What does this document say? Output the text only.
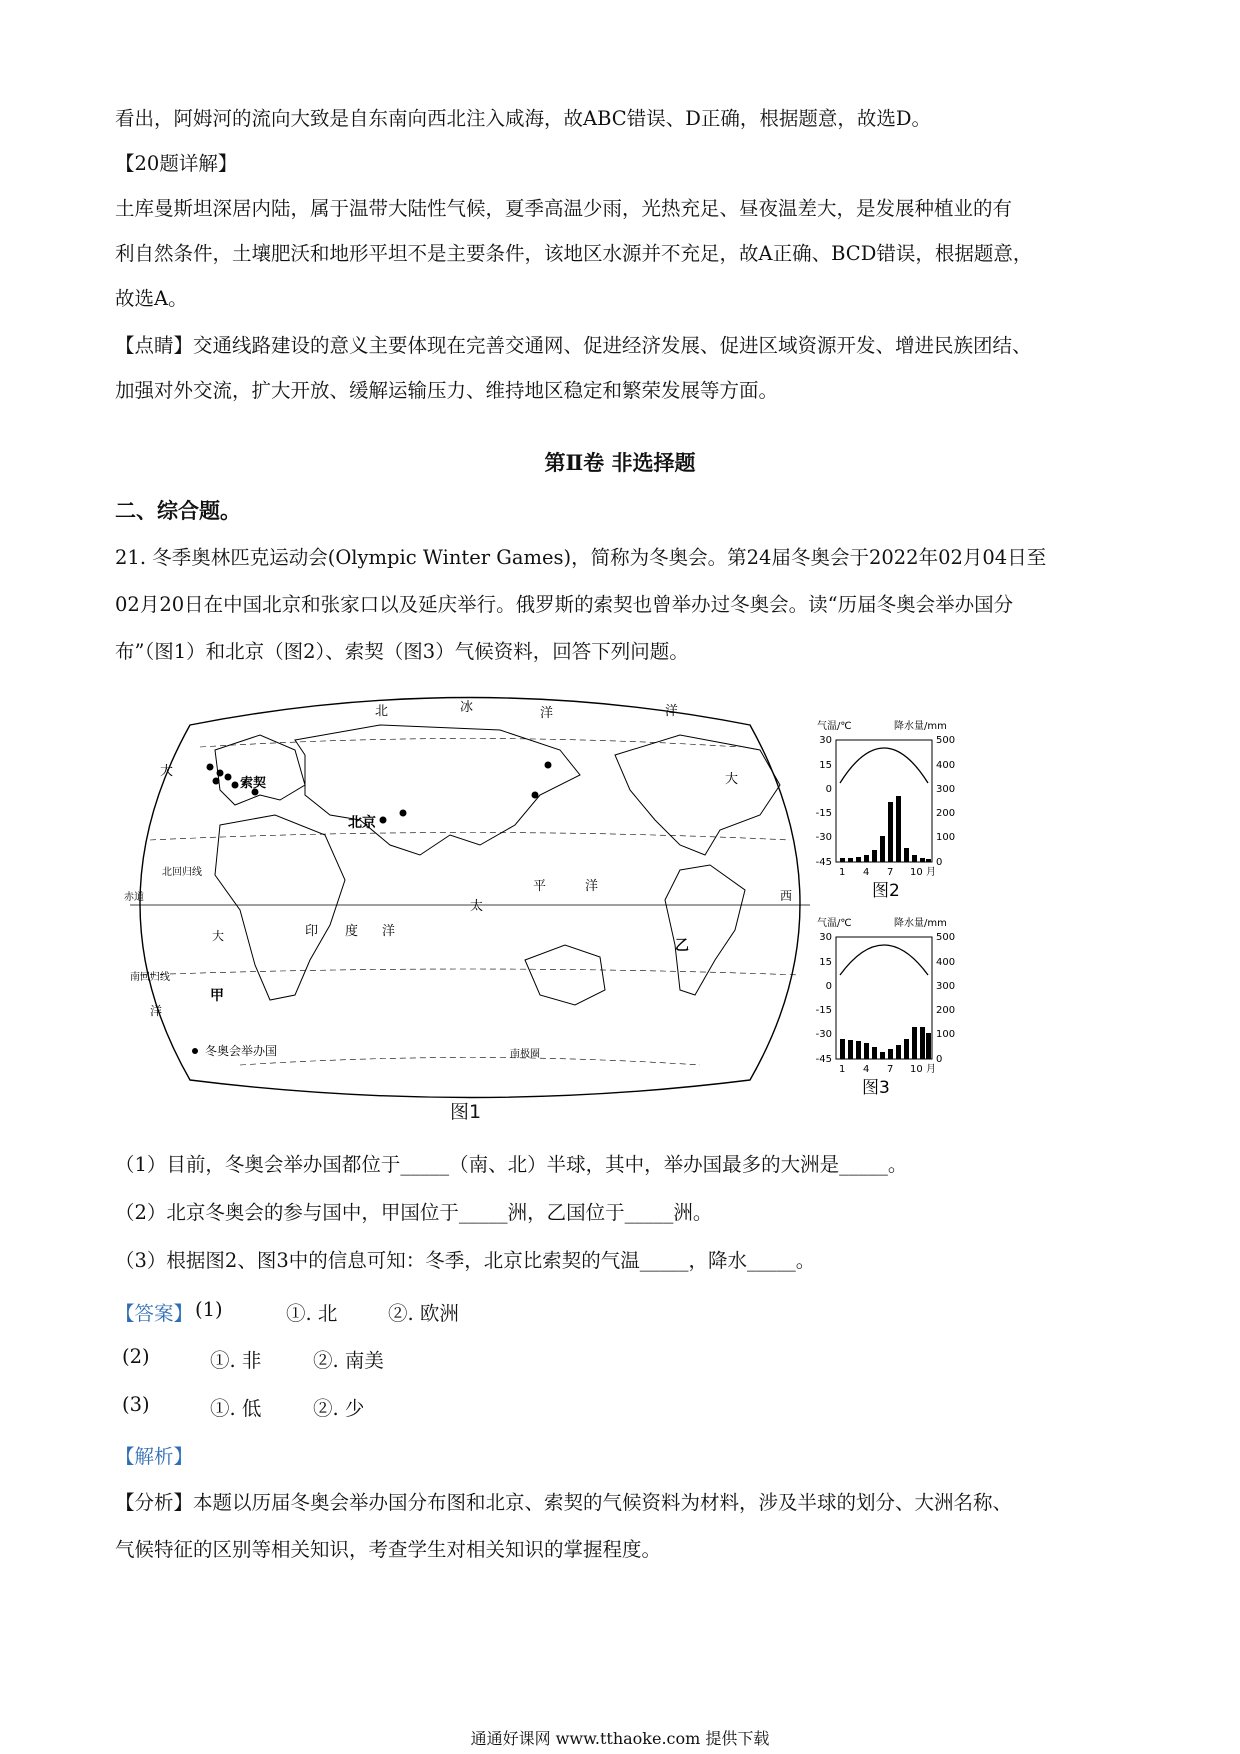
看出，阿姆河的流向大致是自东南向西北注入咸海，故ABC错误、D正确，根据题意，故选D。
【20题详解】
土库曼斯坦深居内陆，属于温带大陆性气候，夏季高温少雨，光热充足、昼夜温差大，是发展种植业的有
利自然条件，土壤肥沃和地形平坦不是主要条件，该地区水源并不充足，故A正确、BCD错误，根据题意，
故选A。
【点睛】交通线路建设的意义主要体现在完善交通网、促进经济发展、促进区域资源开发、增进民族团结、
加强对外交流，扩大开放、缓解运输压力、维持地区稳定和繁荣发展等方面。
第Ⅱ卷 非选择题
二、综合题。
21. 冬季奥林匹克运动会(Olympic Winter Games)，简称为冬奥会。第24届冬奥会于2022年02月04日至
02月20日在中国北京和张家口以及延庆举行。俄罗斯的索契也曾举办过冬奥会。读“历届冬奥会举办国分
布”（图1）和北京（图2）、索契（图3）气候资料，回答下列问题。
北	冰	洋	洋
大
大
索契
北京
北回归线
赤道
南回归线
大	印 度 洋
太
平	洋
西
甲
乙
洋
南极圈
冬奥会举办国
图1
气温/℃	降水量/mm
30
15
0
-15
-30
-45
500
400
300
200
100
0
1 4 7 10 月
图2
气温/℃	降水量/mm
30
15
0
-15
-30
-45
500
400
300
200
100
0
1 4 7 10 月
图3
（1）目前，冬奥会举办国都位于_____（南、北）半球，其中，举办国最多的大洲是_____。
（2）北京冬奥会的参与国中，甲国位于_____洲，乙国位于_____洲。
（3）根据图2、图3中的信息可知：冬季，北京比索契的气温_____，降水_____。
【答案】 (1)	①. 北	②. 欧洲
(2)	①. 非	②. 南美
(3)	①. 低	②. 少
【解析】
【分析】本题以历届冬奥会举办国分布图和北京、索契的气候资料为材料，涉及半球的划分、大洲名称、
气候特征的区别等相关知识，考查学生对相关知识的掌握程度。
通通好课网 www.tthaoke.com 提供下载
